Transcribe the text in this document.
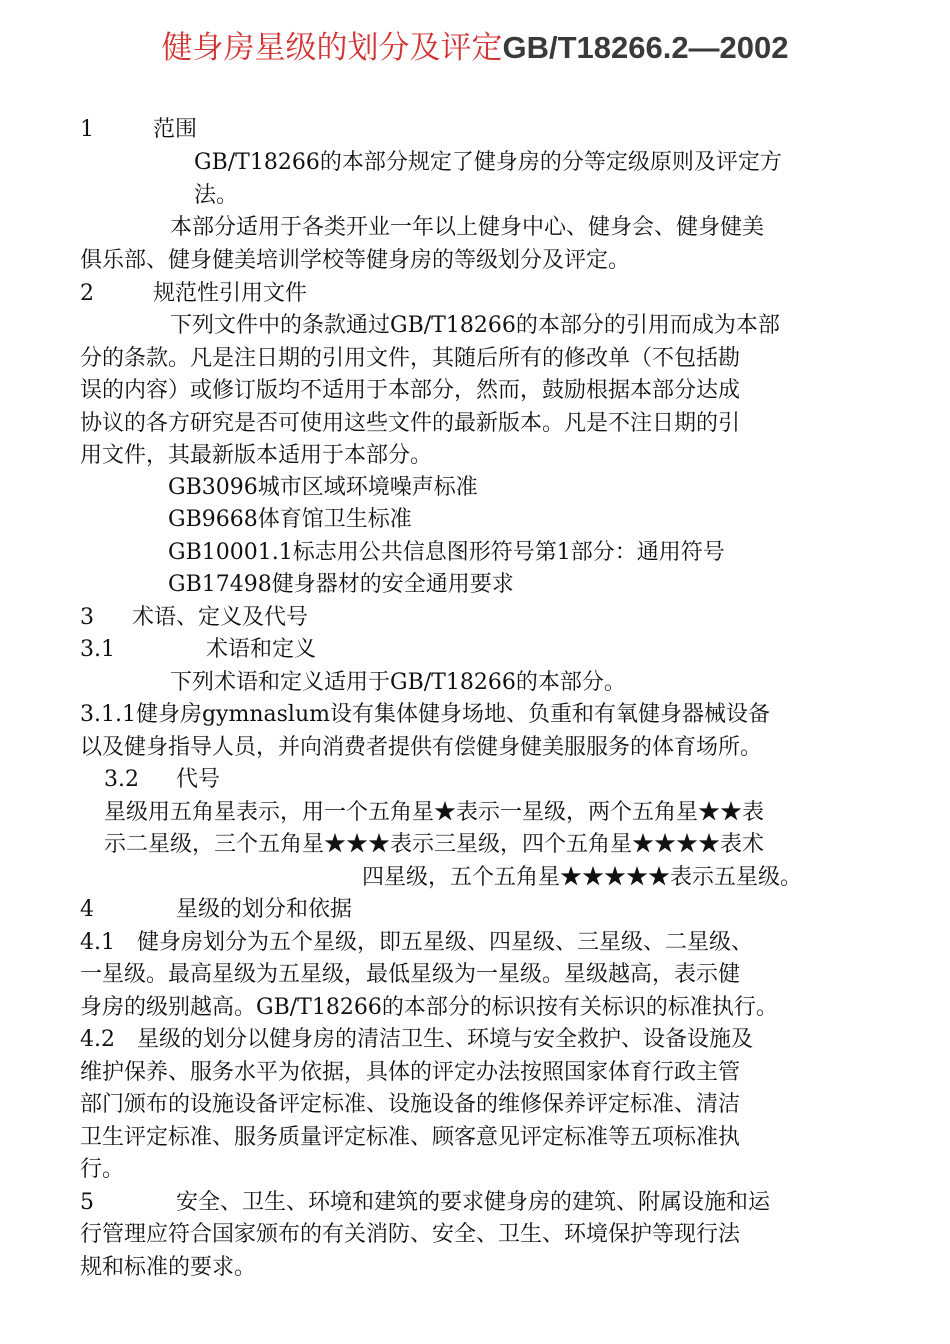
健身房星级的划分及评定GB/T18266.2—2002
1	范围
GB/T18266的本部分规定了健身房的分等定级原则及评定方
法。
本部分适用于各类开业一年以上健身中心、健身会、健身健美
俱乐部、健身健美培训学校等健身房的等级划分及评定。
2	规范性引用文件
下列文件中的条款通过GB/T18266的本部分的引用而成为本部
分的条款。凡是注日期的引用文件，其随后所有的修改单（不包括勘
误的内容）或修订版均不适用于本部分，然而，鼓励根据本部分达成
协议的各方研究是否可使用这些文件的最新版本。凡是不注日期的引
用文件，其最新版本适用于本部分。
GB3096城市区域环境噪声标准
GB9668体育馆卫生标准
GB10001.1标志用公共信息图形符号第1部分：通用符号
GB17498健身器材的安全通用要求
3 术语、定义及代号
3.1	术语和定义
下列术语和定义适用于GB/T18266的本部分。
3.1.1健身房gymnaslum设有集体健身场地、负重和有氧健身器械设备
以及健身指导人员，并向消费者提供有偿健身健美服服务的体育场所。
3.2 代号
星级用五角星表示，用一个五角星★表示一星级，两个五角星★★表
示二星级，三个五角星★★★表示三星级，四个五角星★★★★表术
四星级，五个五角星★★★★★表示五星级。
4	星级的划分和依据
4.1　健身房划分为五个星级，即五星级、四星级、三星级、二星级、
一星级。最高星级为五星级，最低星级为一星级。星级越高，表示健
身房的级别越高。GB/T18266的本部分的标识按有关标识的标准执行。
4.2　星级的划分以健身房的清洁卫生、环境与安全救护、设备设施及
维护保养、服务水平为依据，具体的评定办法按照国家体育行政主管
部门颁布的设施设备评定标准、设施设备的维修保养评定标准、清洁
卫生评定标准、服务质量评定标准、顾客意见评定标准等五项标准执
行。
5	安全、卫生、环境和建筑的要求健身房的建筑、附属设施和运
行管理应符合国家颁布的有关消防、安全、卫生、环境保护等现行法
规和标准的要求。
